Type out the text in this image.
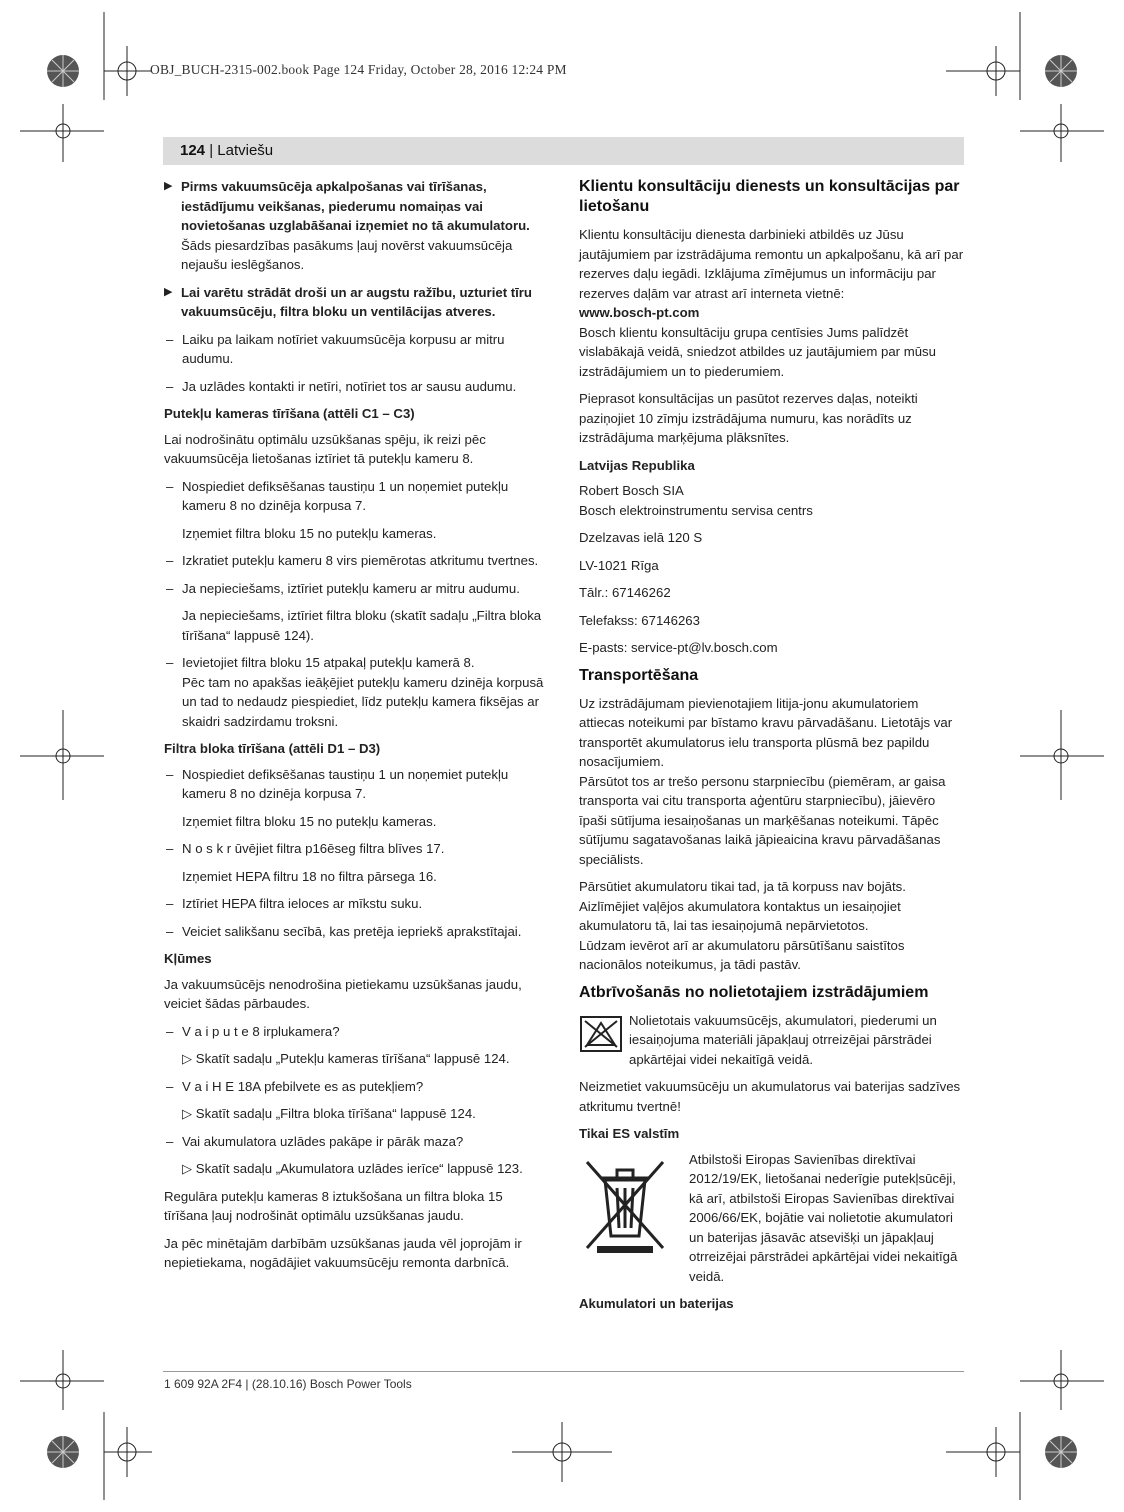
OBJ_BUCH-2315-002.book Page 124 Friday, October 28, 2016 12:24 PM
124 | Latviešu
▶ Pirms vakuumsūcēja apkalpošanas vai tīrīšanas, iestādījumu veikšanas, piederumu nomaiņas vai novietošanas uzglabāšanai izņemiet no tā akumulatoru. Šāds piesardzības pasākums ļauj novērst vakuumsūcēja nejaušu ieslēgšanos.
▶ Lai varētu strādāt droši un ar augstu ražību, uzturiet tīru vakuumsūcēju, filtra bloku un ventilācijas atveres.
– Laiku pa laikam notīriet vakuumsūcēja korpusu ar mitru audumu.
– Ja uzlādes kontakti ir netīri, notīriet tos ar sausu audumu.
Putekļu kameras tīrīšana (attēli C1 – C3)

Lai nodrošinātu optimālu uzsūkšanas spēju, ik reizi pēc vakuumsūcēja lietošanas iztīriet tā putekļu kameru 8.

– Nospiediet defiksēšanas taustiņu 1 un noņemiet putekļu kameru 8 no dzinēja korpusa 7.
Izņemiet filtra bloku 15 no putekļu kameras.
– Izkratiet putekļu kameru 8 virs piemērotas atkritumu tvertnes.
– Ja nepieciešams, iztīriet putekļu kameru ar mitru audumu.
Ja nepieciešams, iztīriet filtra bloku (skatīt sadaļu „Filtra bloka tīrīšana“ lappusē 124).
– Ievietojiet filtra bloku 15 atpakaļ putekļu kamerā 8.
Pēc tam no apakšas ieāķējiet putekļu kameru dzinēja korpusā un tad to nedaudz piespiediet, līdz putekļu kamera fiksējas ar skaidri sadzirdamu troksni.
Filtra bloka tīrīšana (attēli D1 – D3)
– Nospiediet defiksēšanas taustiņu 1 un noņemiet putekļu kameru 8 no dzinēja korpusa 7.
Izņemiet filtra bloku 15 no putekļu kameras.
– N o s k r ūvējiet filtra p16ēseg filtra blīves 17.
Izņemiet HEPA filtru 18 no filtra pārsega 16.
– Iztīriet HEPA filtra ieloces ar mīkstu suku.
– Veiciet salikšanu secībā, kas pretēja iepriekš aprakstītajai.
Kļūmes

Ja vakuumsūcējs nenodrošina pietiekamu uzsūkšanas jaudu, veiciet šādas pārbaudes.

– V a i p u t e 8 irplukamera?
▷ Skatīt sadaļu „Putekļu kameras tīrīšana“ lappusē 124.
– V a i H E 18A pfebilvete es as putekļiem?
▷ Skatīt sadaļu „Filtra bloka tīrīšana“ lappusē 124.
– Vai akumulatora uzlādes pakāpe ir pārāk maza?
▷ Skatīt sadaļu „Akumulatora uzlādes ierīce“ lappusē 123.

Regulāra putekļu kameras 8 iztukšošana un filtra bloka 15 tīrīšana ļauj nodrošināt optimālu uzsūkšanas jaudu.

Ja pēc minētajām darbībām uzsūkšanas jauda vēl joprojām ir nepietiekama, nogādājiet vakuumsūcēju remonta darbnīcā.

Klientu konsultāciju dienests un konsultācijas par lietošanu

Klientu konsultāciju dienesta darbinieki atbildēs uz Jūsu jautājumiem par izstrādājuma remontu un apkalpošanu, kā arī par rezerves daļu iegādi. Izklājuma zīmējumus un informāciju par rezerves daļām var atrast arī interneta vietnē:

www.bosch-pt.com

Bosch klientu konsultāciju grupa centīsies Jums palīdzēt vislabākajā veidā, sniedzot atbildes uz jautājumiem par mūsu izstrādājumiem un to piederumiem.

Pieprasot konsultācijas un pasūtot rezerves daļas, noteikti paziņojiet 10 zīmju izstrādājuma numuru, kas norādīts uz izstrādājuma marķējuma plāksnītes.

Latvijas Republika

Robert Bosch SIA

Bosch elektroinstrumentu servisa centrs

Dzelzavas ielā 120 S

LV-1021 Rīga

Tālr.: 67146262

Telefakss: 67146263

E-pasts: service-pt@lv.bosch.com

Transportēšana

Uz izstrādājumam pievienotajiem litija-jonu akumulatoriem attiecas noteikumi par bīstamo kravu pārvadāšanu. Lietotājs var transportēt akumulatorus ielu transporta plūsmā bez papildu nosacījumiem.

Pārsūtot tos ar trešo personu starpniecību (piemēram, ar gaisa transporta vai citu transporta aģentūru starpniecību), jāievēro īpaši sūtījuma iesaiņošanas un marķēšanas noteikumi. Tāpēc sūtījumu sagatavošanas laikā jāpieaicina kravu pārvadāšanas speciālists.

Pārsūtiet akumulatoru tikai tad, ja tā korpuss nav bojāts. Aizlīmējiet vaļējos akumulatora kontaktus un iesaiņojiet akumulatoru tā, lai tas iesaiņojumā nepārvietotos.

Lūdzam ievērot arī ar akumulatoru pārsūtīšanu saistītos nacionālos noteikumus, ja tādi pastāv.

Atbrīvošanās no nolietotajiem izstrādājumiem
Nolietotais vakuumsūcējs, akumulatori, piederumi un iesaiņojuma materiāli jāpakļauj otrreizējai pārstrādei apkārtējai videi nekaitīgā veidā.

Neizmetiet vakuumsūcēju un akumulatorus vai baterijas sadzīves atkritumu tvertnē!

Tikai ES valstīm
Atbilstoši Eiropas Savienības direktīvai 2012/19/EK, lietošanai nederīgie putekļsūcēji, kā arī, atbilstoši Eiropas Savienības direktīvai 2006/66/EK, bojātie vai nolietotie akumulatori un baterijas jāsavāc atsevišķi un jāpakļauj otrreizējai pārstrādei apkārtējai videi nekaitīgā veidā.
Akumulatori un baterijas
1 609 92A 2F4 | (28.10.16) Bosch Power Tools
